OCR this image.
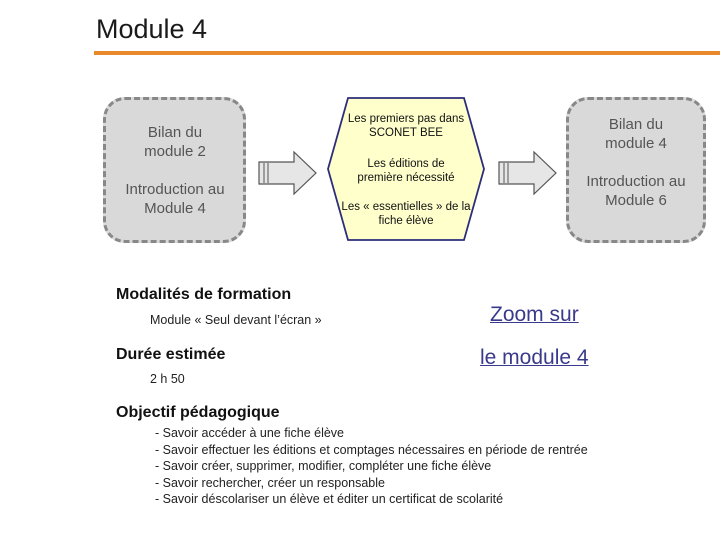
Module 4
Bilan du module 2
Introduction au Module 4
Les premiers pas dans SCONET BEE
Les éditions de première nécessité
Les « essentielles » de la fiche élève
Bilan du module 4
Introduction au Module 6
Modalités de formation
Module « Seul devant l’écran »
Durée estimée
2 h 50
Zoom sur
le module 4
Objectif pédagogique
- Savoir accéder à une fiche élève
- Savoir effectuer les éditions et comptages nécessaires en période de rentrée
- Savoir créer, supprimer, modifier, compléter une fiche élève
- Savoir rechercher, créer un responsable
- Savoir déscolariser un élève et éditer un certificat de scolarité
